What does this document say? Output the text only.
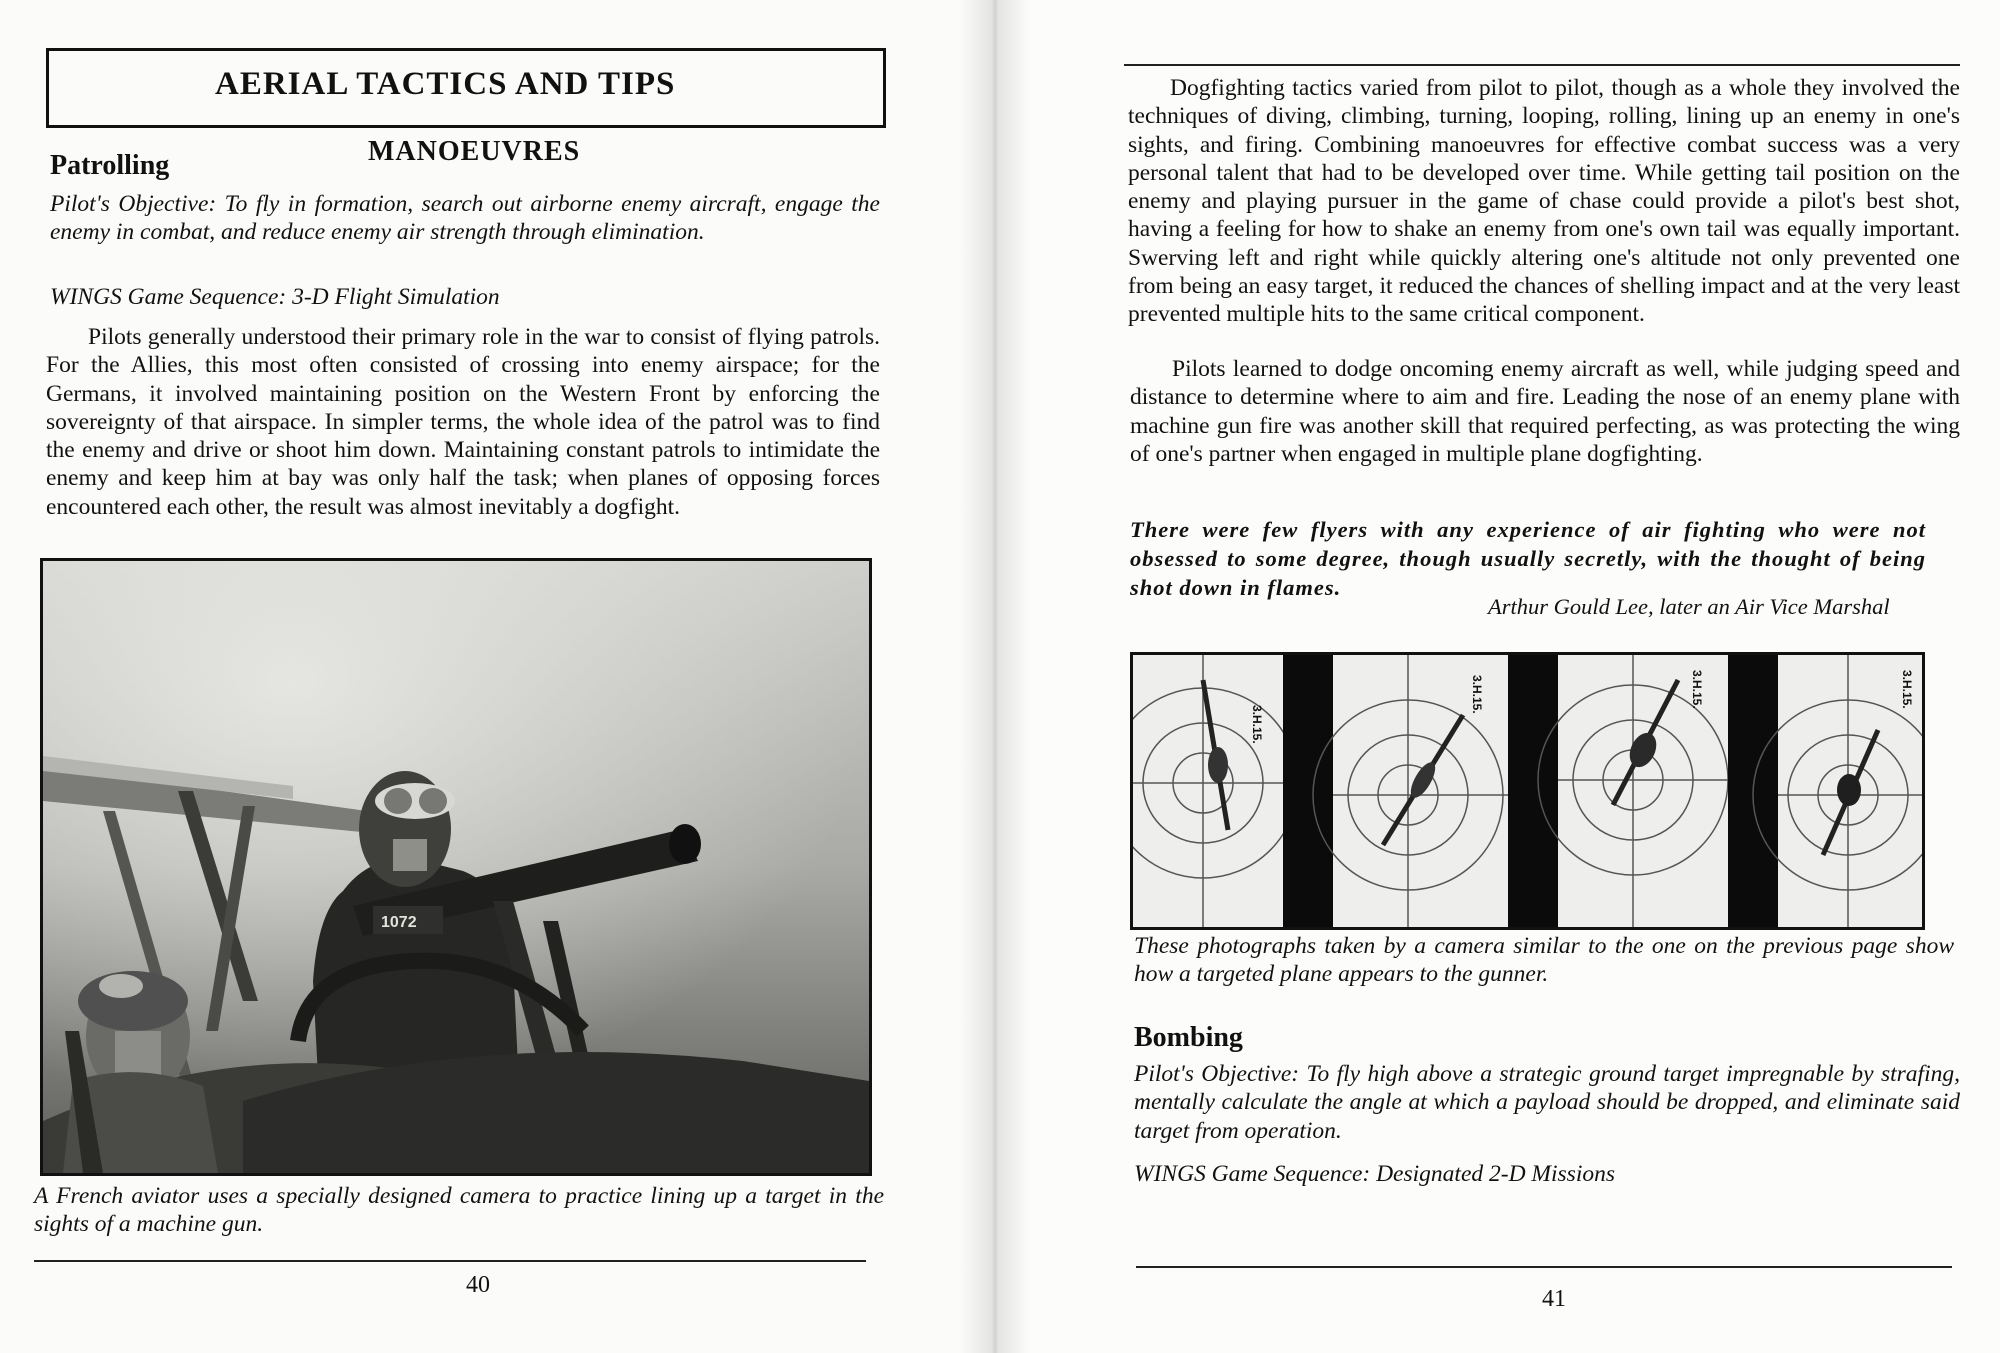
AERIAL TACTICS AND TIPS
MANOEUVRES
Patrolling
Pilot's Objective: To fly in formation, search out airborne enemy aircraft, engage the enemy in combat, and reduce enemy air strength through elimination.
WINGS Game Sequence: 3-D Flight Simulation
Pilots generally understood their primary role in the war to consist of flying patrols. For the Allies, this most often consisted of crossing into enemy airspace; for the Germans, it involved maintaining position on the Western Front by enforcing the sovereignty of that airspace. In simpler terms, the whole idea of the patrol was to find the enemy and drive or shoot him down. Maintaining constant patrols to intimidate the enemy and keep him at bay was only half the task; when planes of opposing forces encountered each other, the result was almost inevitably a dogfight.
1072
A French aviator uses a specially designed camera to practice lining up a target in the sights of a machine gun.
40
Dogfighting tactics varied from pilot to pilot, though as a whole they involved the techniques of diving, climbing, turning, looping, rolling, lining up an enemy in one's sights, and firing. Combining manoeuvres for effective combat success was a very personal talent that had to be developed over time. While getting tail position on the enemy and playing pursuer in the game of chase could provide a pilot's best shot, having a feeling for how to shake an enemy from one's own tail was equally important. Swerving left and right while quickly altering one's altitude not only prevented one from being an easy target, it reduced the chances of shelling impact and at the very least prevented multiple hits to the same critical component.
Pilots learned to dodge oncoming enemy aircraft as well, while judging speed and distance to determine where to aim and fire. Leading the nose of an enemy plane with machine gun fire was another skill that required perfecting, as was protecting the wing of one's partner when engaged in multiple plane dogfighting.
There were few flyers with any experience of air fighting who were not obsessed to some degree, though usually secretly, with the thought of being shot down in flames.
Arthur Gould Lee, later an Air Vice Marshal
3.H.15.
3.H.15.	3.H.15.	3.H.15.
These photographs taken by a camera similar to the one on the previous page show how a targeted plane appears to the gunner.
Bombing
Pilot's Objective: To fly high above a strategic ground target impregnable by strafing, mentally calculate the angle at which a payload should be dropped, and eliminate said target from operation.
WINGS Game Sequence: Designated 2-D Missions
41
